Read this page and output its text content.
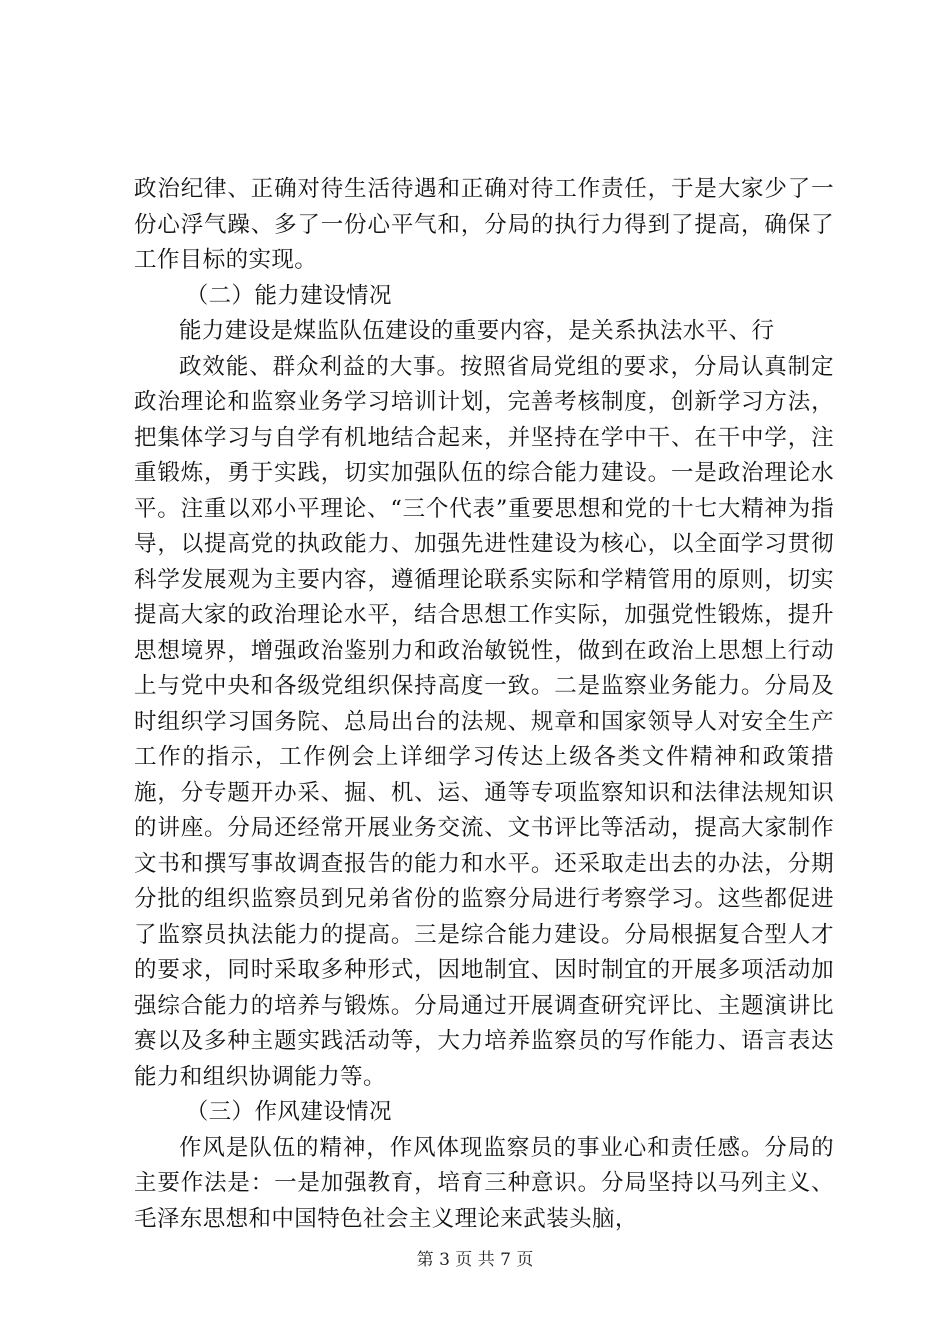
政治纪律、正确对待生活待遇和正确对待工作责任，于是大家少了一份心浮气躁、多了一份心平气和，分局的执行力得到了提高，确保了工作目标的实现。

（二）能力建设情况

能力建设是煤监队伍建设的重要内容，是关系执法水平、行

政效能、群众利益的大事。按照省局党组的要求，分局认真制定政治理论和监察业务学习培训计划，完善考核制度，创新学习方法，把集体学习与自学有机地结合起来，并坚持在学中干、在干中学，注重锻炼，勇于实践，切实加强队伍的综合能力建设。一是政治理论水平。注重以邓小平理论、“三个代表”重要思想和党的十七大精神为指导，以提高党的执政能力、加强先进性建设为核心，以全面学习贯彻科学发展观为主要内容，遵循理论联系实际和学精管用的原则，切实提高大家的政治理论水平，结合思想工作实际，加强党性锻炼，提升思想境界，增强政治鉴别力和政治敏锐性，做到在政治上思想上行动上与党中央和各级党组织保持高度一致。二是监察业务能力。分局及时组织学习国务院、总局出台的法规、规章和国家领导人对安全生产工作的指示，工作例会上详细学习传达上级各类文件精神和政策措施，分专题开办采、掘、机、运、通等专项监察知识和法律法规知识的讲座。分局还经常开展业务交流、文书评比等活动，提高大家制作文书和撰写事故调查报告的能力和水平。还采取走出去的办法，分期分批的组织监察员到兄弟省份的监察分局进行考察学习。这些都促进了监察员执法能力的提高。三是综合能力建设。分局根据复合型人才的要求，同时采取多种形式，因地制宜、因时制宜的开展多项活动加强综合能力的培养与锻炼。分局通过开展调查研究评比、主题演讲比赛以及多种主题实践活动等，大力培养监察员的写作能力、语言表达能力和组织协调能力等。

（三）作风建设情况

作风是队伍的精神，作风体现监察员的事业心和责任感。分局的主要作法是：一是加强教育，培育三种意识。分局坚持以马列主义、毛泽东思想和中国特色社会主义理论来武装头脑，

第 3 页 共 7 页
